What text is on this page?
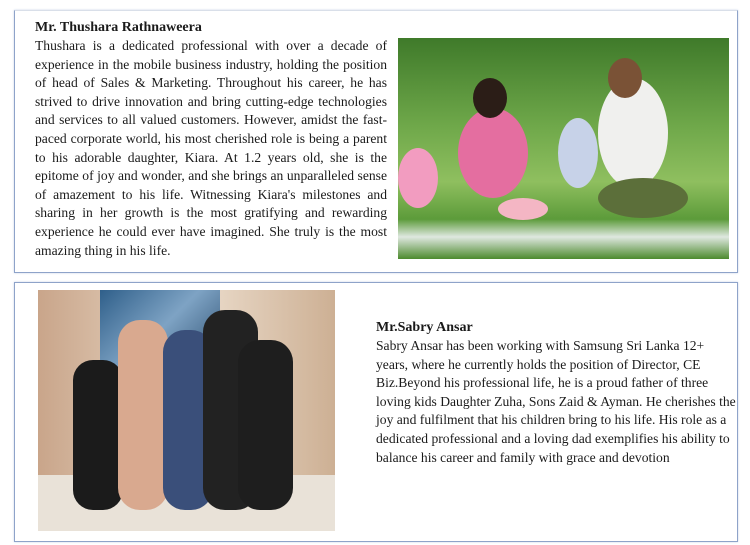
Mr. Thushara Rathnaweera
Thushara is a dedicated professional with over a decade of experience in the mobile business industry, holding the position of head of Sales & Marketing. Throughout his career, he has strived to drive innovation and bring cutting-edge technologies and services to all valued customers. However, amidst the fast-paced corporate world, his most cherished role is being a parent to his adorable daughter, Kiara. At 1.2 years old, she is the epitome of joy and wonder, and she brings an unparalleled sense of amazement to his life. Witnessing Kiara's milestones and sharing in her growth is the most gratifying and rewarding experience he could ever have imagined. She truly is the most amazing thing in his life.
Mr.Sabry Ansar
Sabry Ansar has been working with Samsung Sri Lanka 12+ years, where he currently holds the position of Director, CE Biz.Beyond his professional life, he is a proud father of three loving kids Daughter Zuha, Sons Zaid & Ayman. He cherishes the joy and fulfilment that his children bring to his life. His role as a dedicated professional and a loving dad exemplifies his ability to balance his career and family with grace and devotion
